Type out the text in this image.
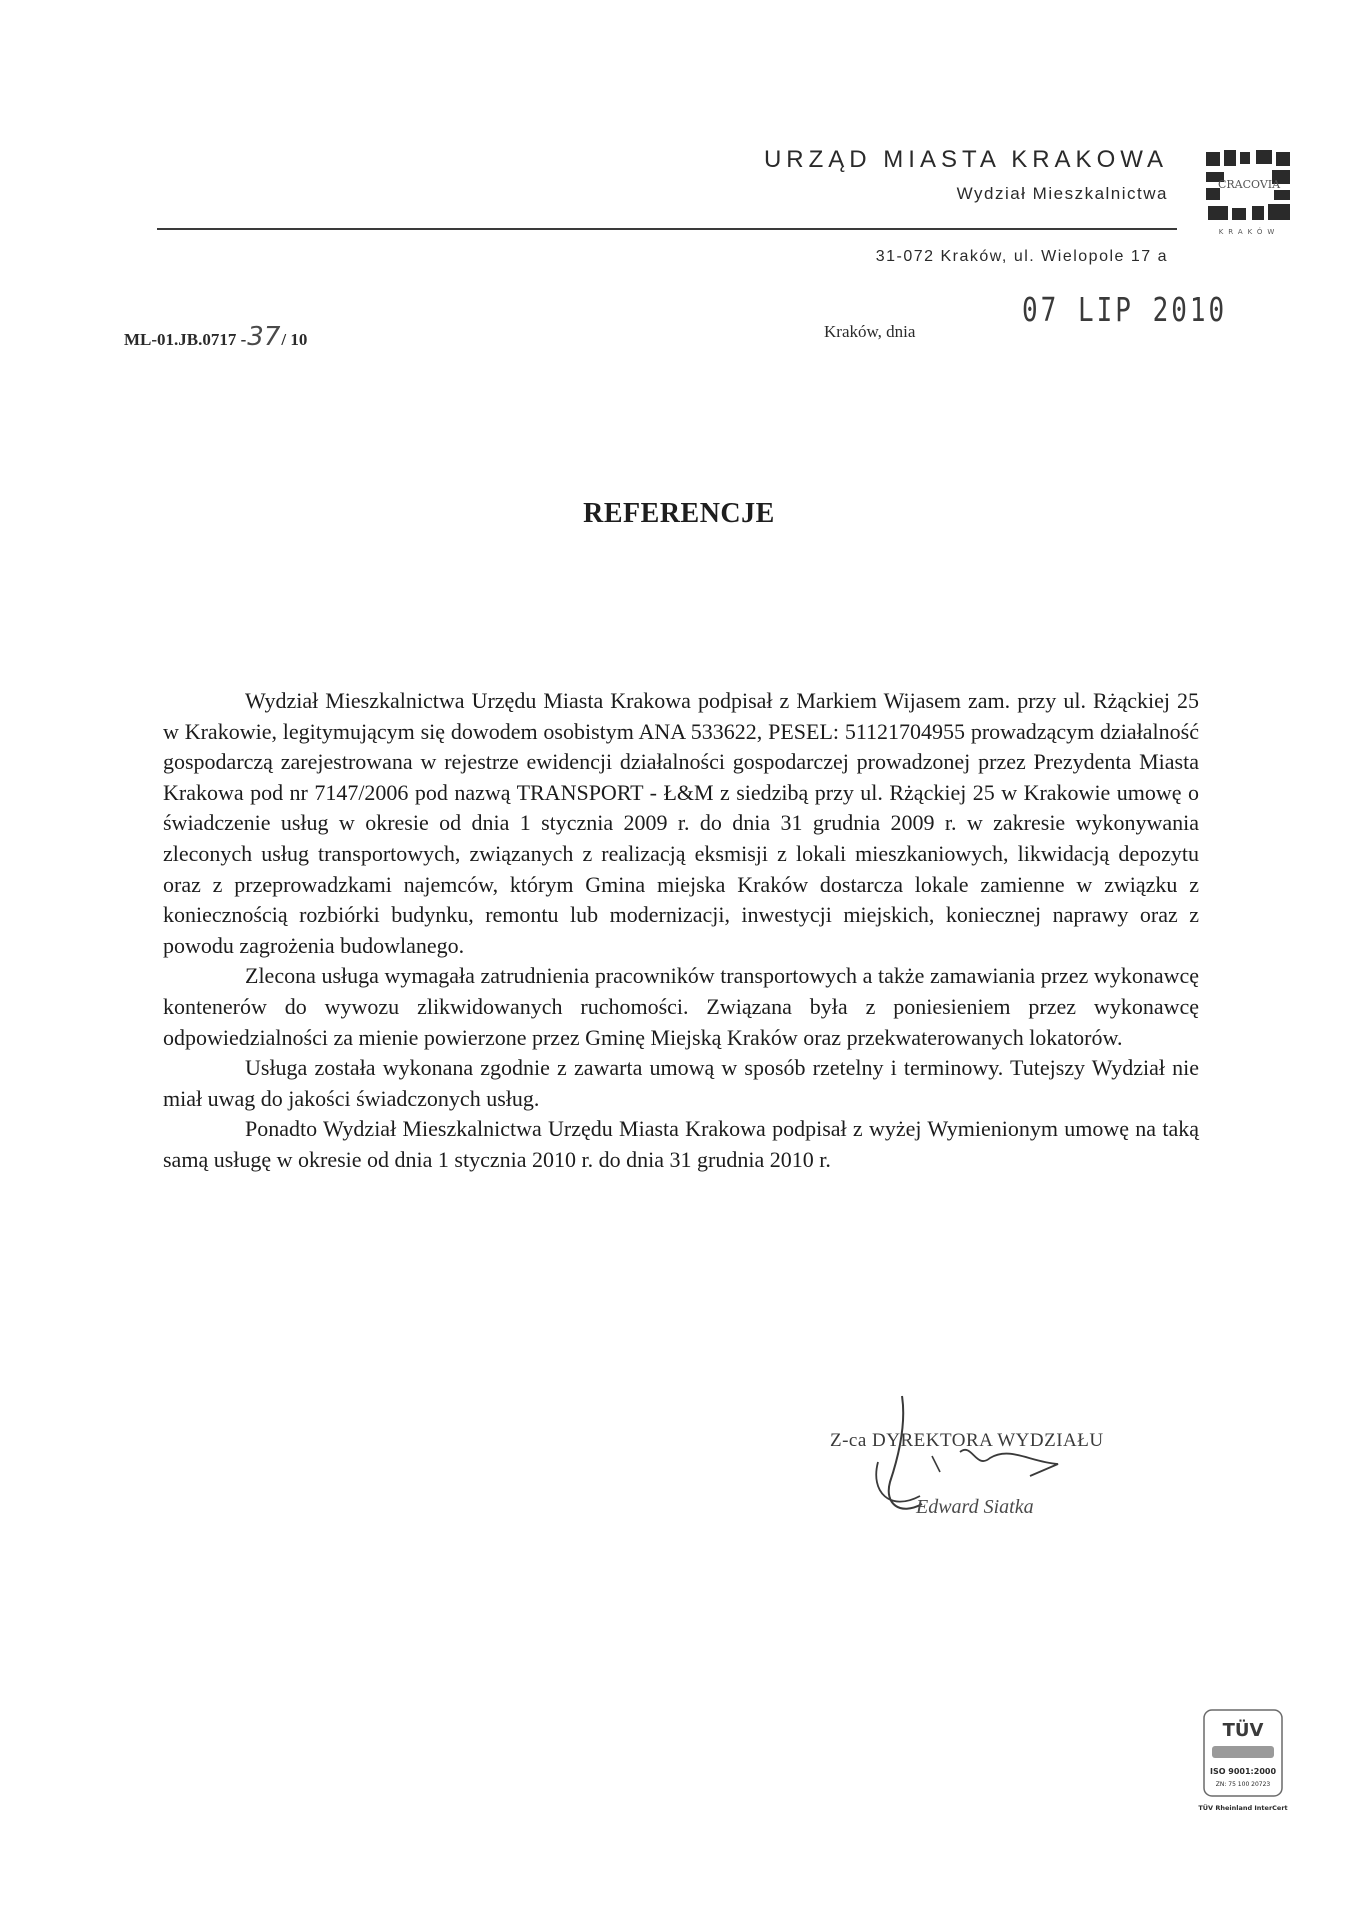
URZĄD MIASTA KRAKOWA
Wydział Mieszkalnictwa	CRACOVIA
KRAKÓW
31-072 Kraków, ul. Wielopole 17 a
ML-01.JB.0717 -37/ 10	Kraków, dnia
07 LIP 2010
REFERENCJE

Wydział Mieszkalnictwa Urzędu Miasta Krakowa podpisał z Markiem Wijasem zam. przy ul. Rżąckiej 25 w Krakowie, legitymującym się dowodem osobistym ANA 533622, PESEL: 51121704955 prowadzącym działalność gospodarczą zarejestrowana w rejestrze ewidencji działalności gospodarczej prowadzonej przez Prezydenta Miasta Krakowa pod nr 7147/2006 pod nazwą TRANSPORT - Ł&M z siedzibą przy ul. Rżąckiej 25 w Krakowie umowę o świadczenie usług w okresie od dnia 1 stycznia 2009 r. do dnia 31 grudnia 2009 r. w zakresie wykonywania zleconych usług transportowych, związanych z realizacją eksmisji z lokali mieszkaniowych, likwidacją depozytu oraz z przeprowadzkami najemców, którym Gmina miejska Kraków dostarcza lokale zamienne w związku z koniecznością rozbiórki budynku, remontu lub modernizacji, inwestycji miejskich, koniecznej naprawy oraz z powodu zagrożenia budowlanego.

Zlecona usługa wymagała zatrudnienia pracowników transportowych a także zamawiania przez wykonawcę kontenerów do wywozu zlikwidowanych ruchomości. Związana była z poniesieniem przez wykonawcę odpowiedzialności za mienie powierzone przez Gminę Miejską Kraków oraz przekwaterowanych lokatorów.

Usługa została wykonana zgodnie z zawarta umową w sposób rzetelny i terminowy. Tutejszy Wydział nie miał uwag do jakości świadczonych usług.

Ponadto Wydział Mieszkalnictwa Urzędu Miasta Krakowa podpisał z wyżej Wymienionym umowę na taką samą usługę w okresie od dnia 1 stycznia 2010 r. do dnia 31 grudnia 2010 r.

Z-ca DYREKTORA WYDZIAŁU
Edward Siatka
TÜV
ISO 9001:2000
ZN: 75 100 20723
TÜV Rheinland InterCert
